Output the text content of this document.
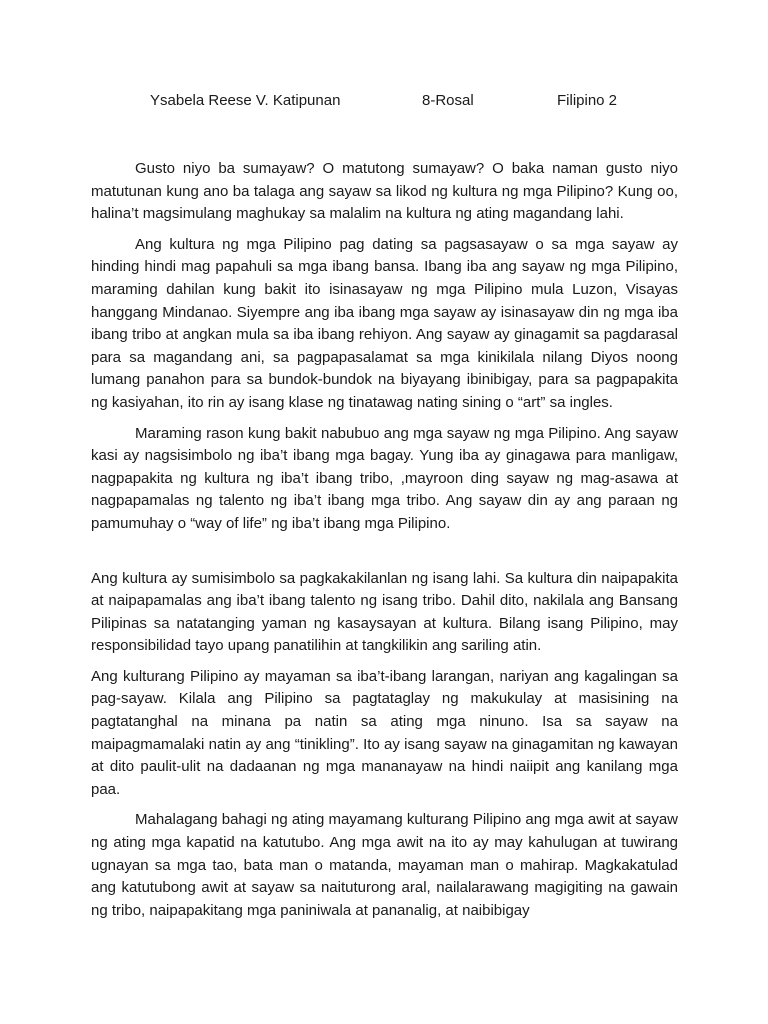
Ysabela Reese V. Katipunan	8-Rosal	Filipino 2

Gusto niyo ba sumayaw? O matutong sumayaw? O baka naman gusto niyo matutunan kung ano ba talaga ang sayaw sa likod ng kultura ng mga Pilipino? Kung oo, halina’t magsimulang maghukay sa malalim na kultura ng ating magandang lahi.

Ang kultura ng mga Pilipino pag dating sa pagsasayaw o sa mga sayaw ay hinding hindi mag papahuli sa mga ibang bansa. Ibang iba ang sayaw ng mga Pilipino, maraming dahilan kung bakit ito isinasayaw ng mga Pilipino mula Luzon, Visayas hanggang Mindanao. Siyempre ang iba ibang mga sayaw ay isinasayaw din ng mga iba ibang tribo at angkan mula sa iba ibang rehiyon. Ang sayaw ay ginagamit sa pagdarasal para sa magandang ani, sa pagpapasalamat sa mga kinikilala nilang Diyos noong lumang panahon para sa bundok-bundok na biyayang ibinibigay, para sa pagpapakita ng kasiyahan, ito rin ay isang klase ng tinatawag nating sining o “art” sa ingles.

Maraming rason kung bakit nabubuo ang mga sayaw ng mga Pilipino. Ang sayaw kasi ay nagsisimbolo ng iba’t ibang mga bagay. Yung iba ay ginagawa para manligaw, nagpapakita ng kultura ng iba’t ibang tribo, ,mayroon ding sayaw ng mag-asawa at nagpapamalas ng talento ng iba’t ibang mga tribo. Ang sayaw din ay ang paraan ng pamumuhay o “way of life” ng iba’t ibang mga Pilipino.

Ang kultura ay sumisimbolo sa pagkakakilanlan ng isang lahi. Sa kultura din naipapakita at naipapamalas ang iba’t ibang talento ng isang tribo. Dahil dito, nakilala ang Bansang Pilipinas sa natatanging yaman ng kasaysayan at kultura. Bilang isang Pilipino, may responsibilidad tayo upang panatilihin at tangkilikin ang sariling atin.

Ang kulturang Pilipino ay mayaman sa iba’t-ibang larangan, nariyan ang kagalingan sa pag-sayaw. Kilala ang Pilipino sa pagtataglay ng makukulay at masisining na pagtatanghal na minana pa natin sa ating mga ninuno. Isa sa sayaw na maipagmamalaki natin ay ang “tinikling”. Ito ay isang sayaw na ginagamitan ng kawayan at dito paulit-ulit na dadaanan ng mga mananayaw na hindi naiipit ang kanilang mga paa.

Mahalagang bahagi ng ating mayamang kulturang Pilipino ang mga awit at sayaw ng ating mga kapatid na katutubo. Ang mga awit na ito ay may kahulugan at tuwirang ugnayan sa mga tao, bata man o matanda, mayaman man o mahirap. Magkakatulad ang katutubong awit at sayaw sa naituturong aral, nailalarawang magigiting na gawain ng tribo, naipapakitang mga paniniwala at pananalig, at naibibigay
